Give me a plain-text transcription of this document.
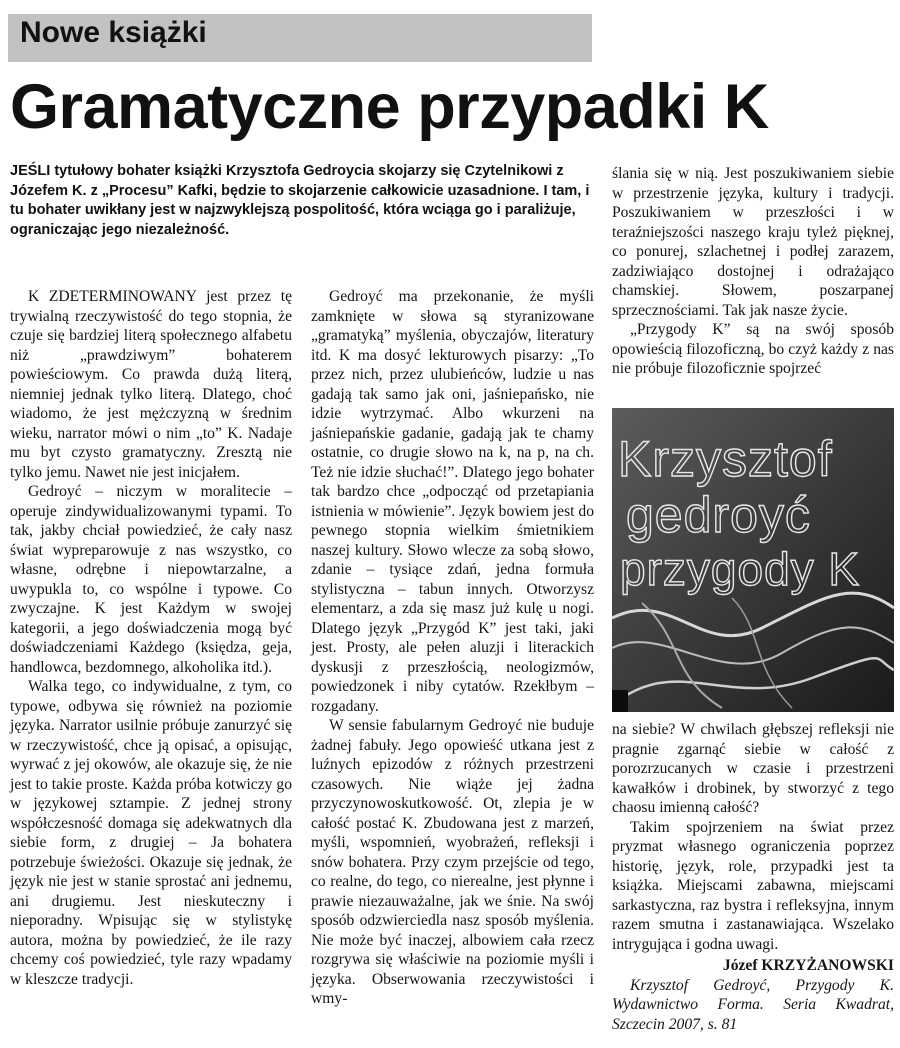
Nowe książki
Gramatyczne przypadki K
JEŚLI tytułowy bohater książki Krzysztofa Gedroycia skojarzy się Czytelnikowi z Józefem K. z „Procesu” Kafki, będzie to skojarzenie całkowicie uzasadnione. I tam, i tu bohater uwikłany jest w najzwyklejszą pospolitość, która wciąga go i paraliżuje, ograniczając jego niezależność.

K ZDETERMINOWANY jest przez tę trywialną rzeczywistość do tego stopnia, że czuje się bardziej literą społecznego alfabetu niż „prawdziwym” bohaterem powieściowym. Co prawda dużą literą, niemniej jednak tylko literą. Dlatego, choć wiadomo, że jest mężczyzną w średnim wieku, narrator mówi o nim „to” K. Nadaje mu byt czysto gramatyczny. Zresztą nie tylko jemu. Nawet nie jest inicjałem.

Gedroyć – niczym w moralitecie – operuje zindywidualizowanymi typami. To tak, jakby chciał powiedzieć, że cały nasz świat wypreparowuje z nas wszystko, co własne, odrębne i niepowtarzalne, a uwypukla to, co wspólne i typowe. Co zwyczajne. K jest Każdym w swojej kategorii, a jego doświadczenia mogą być doświadczeniami Każdego (księdza, geja, handlowca, bezdomnego, alkoholika itd.).

Walka tego, co indywidualne, z tym, co typowe, odbywa się również na poziomie języka. Narrator usilnie próbuje zanurzyć się w rzeczywistość, chce ją opisać, a opisując, wyrwać z jej okowów, ale okazuje się, że nie jest to takie proste. Każda próba kotwiczy go w językowej sztampie. Z jednej strony współczesność domaga się adekwatnych dla siebie form, z drugiej – Ja bohatera potrzebuje świeżości. Okazuje się jednak, że język nie jest w stanie sprostać ani jednemu, ani drugiemu. Jest nieskuteczny i nieporadny. Wpisując się w stylistykę autora, można by powiedzieć, że ile razy chcemy coś powiedzieć, tyle razy wpadamy w kleszcze tradycji.

Gedroyć ma przekonanie, że myśli zamknięte w słowa są styranizowane „gramatyką” myślenia, obyczajów, literatury itd. K ma dosyć lekturowych pisarzy: „To przez nich, przez ulubieńców, ludzie u nas gadają tak samo jak oni, jaśniepańsko, nie idzie wytrzymać. Albo wkurzeni na jaśniepańskie gadanie, gadają jak te chamy ostatnie, co drugie słowo na k, na p, na ch. Też nie idzie słuchać!”. Dlatego jego bohater tak bardzo chce „odpocząć od przetapiania istnienia w mówienie”. Język bowiem jest do pewnego stopnia wielkim śmietnikiem naszej kultury. Słowo wlecze za sobą słowo, zdanie – tysiące zdań, jedna formuła stylistyczna – tabun innych. Otworzysz elementarz, a zda się masz już kulę u nogi. Dlatego język „Przygód K” jest taki, jaki jest. Prosty, ale pełen aluzji i literackich dyskusji z przeszłością, neologizmów, powiedzonek i niby cytatów. Rzekłbym – rozgadany.

W sensie fabularnym Gedroyć nie buduje żadnej fabuły. Jego opowieść utkana jest z luźnych epizodów z różnych przestrzeni czasowych. Nie wiąże jej żadna przyczynowoskutkowość. Ot, zlepia je w całość postać K. Zbudowana jest z marzeń, myśli, wspomnień, wyobrażeń, refleksji i snów bohatera. Przy czym przejście od tego, co realne, do tego, co nierealne, jest płynne i prawie niezauważalne, jak we śnie. Na swój sposób odzwierciedla nasz sposób myślenia. Nie może być inaczej, albowiem cała rzecz rozgrywa się właściwie na poziomie myśli i języka. Obserwowania rzeczywistości i wmy-

ślania się w nią. Jest poszukiwaniem siebie w przestrzenie języka, kultury i tradycji. Poszukiwaniem w przeszłości i w teraźniejszości naszego kraju tyleż pięknej, co ponurej, szlachetnej i podłej zarazem, zadziwiająco dostojnej i odrażająco chamskiej. Słowem, poszarpanej sprzecznościami. Tak jak nasze życie.

„Przygody K” są na swój sposób opowieścią filozoficzną, bo czyż każdy z nas nie próbuje filozoficznie spojrzeć

Krzysztof
gedroyć
przygody K

na siebie? W chwilach głębszej refleksji nie pragnie zgarnąć siebie w całość z porozrzucanych w czasie i przestrzeni kawałków i drobinek, by stworzyć z tego chaosu imienną całość?

Takim spojrzeniem na świat przez pryzmat własnego ograniczenia poprzez historię, język, role, przypadki jest ta książka. Miejscami zabawna, miejscami sarkastyczna, raz bystra i refleksyjna, innym razem smutna i zastanawiająca. Wszelako intrygująca i godna uwagi.

Józef KRZYŻANOWSKI
Krzysztof Gedroyć, Przygody K. Wydawnictwo Forma. Seria Kwadrat, Szczecin 2007, s. 81
